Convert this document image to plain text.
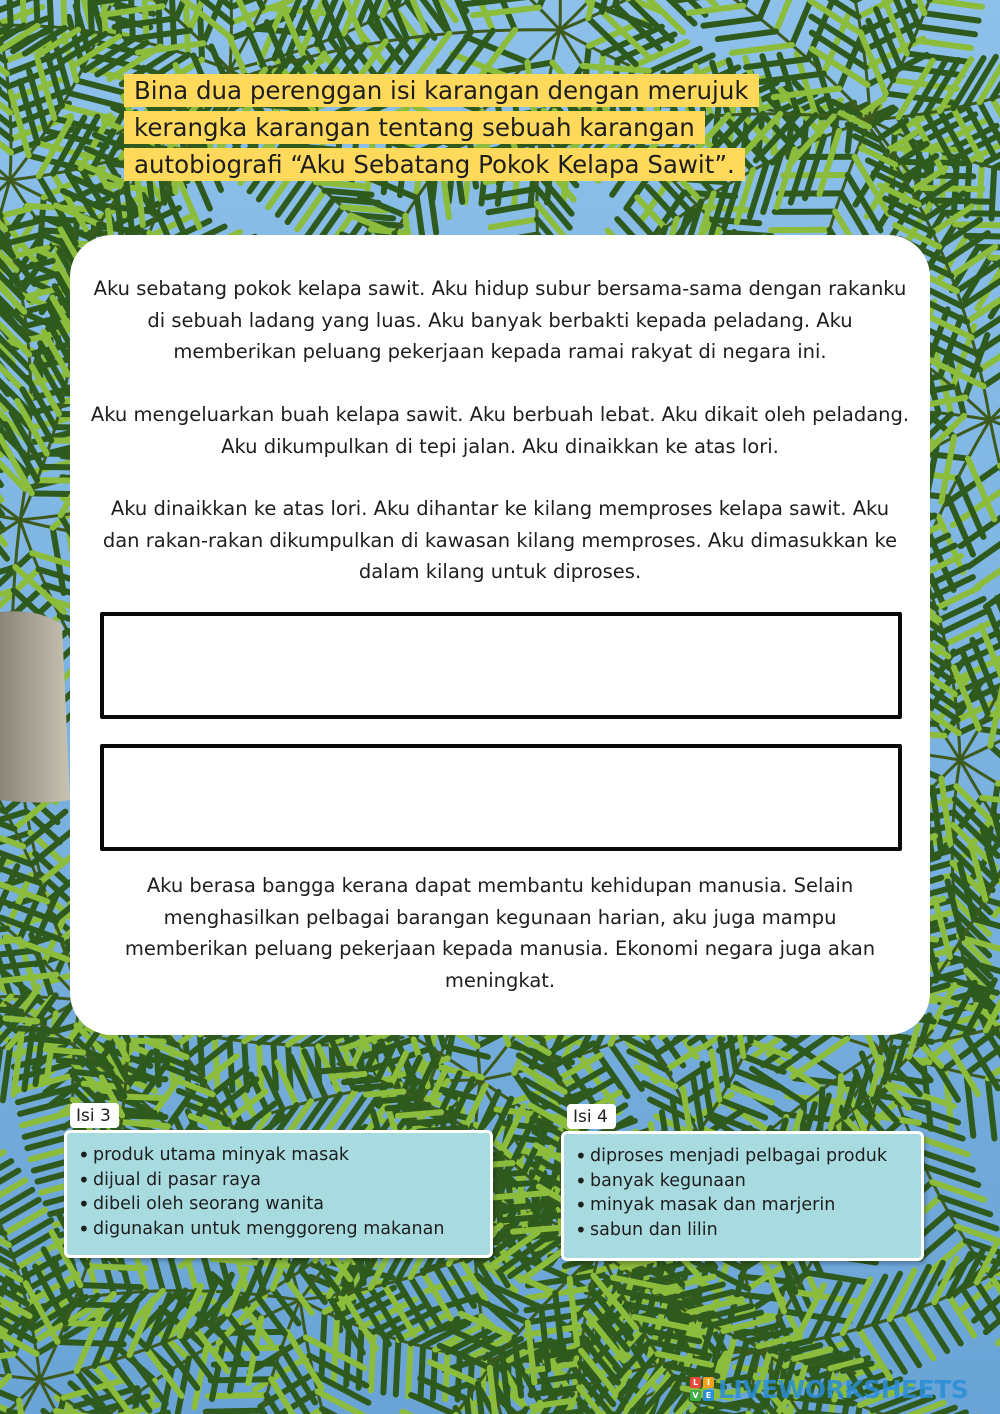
Bina dua perenggan isi karangan dengan merujuk kerangka karangan tentang sebuah karangan autobiografi “Aku Sebatang Pokok Kelapa Sawit”.

Aku sebatang pokok kelapa sawit. Aku hidup subur bersama-sama dengan rakanku di sebuah ladang yang luas. Aku banyak berbakti kepada peladang. Aku memberikan peluang pekerjaan kepada ramai rakyat di negara ini.

Aku mengeluarkan buah kelapa sawit. Aku berbuah lebat. Aku dikait oleh peladang. Aku dikumpulkan di tepi jalan. Aku dinaikkan ke atas lori.

Aku dinaikkan ke atas lori. Aku dihantar ke kilang memproses kelapa sawit. Aku dan rakan-rakan dikumpulkan di kawasan kilang memproses. Aku dimasukkan ke dalam kilang untuk diproses.

Aku berasa bangga kerana dapat membantu kehidupan manusia. Selain menghasilkan pelbagai barangan kegunaan harian, aku juga mampu memberikan peluang pekerjaan kepada manusia. Ekonomi negara juga akan meningkat.

Isi 3
• produk utama minyak masak
• dijual di pasar raya
• dibeli oleh seorang wanita
• digunakan untuk menggoreng makanan
Isi 4
• diproses menjadi pelbagai produk
• banyak kegunaan
• minyak masak dan marjerin
• sabun dan lilin
L	I
V E LIVEWORKSHEETS
